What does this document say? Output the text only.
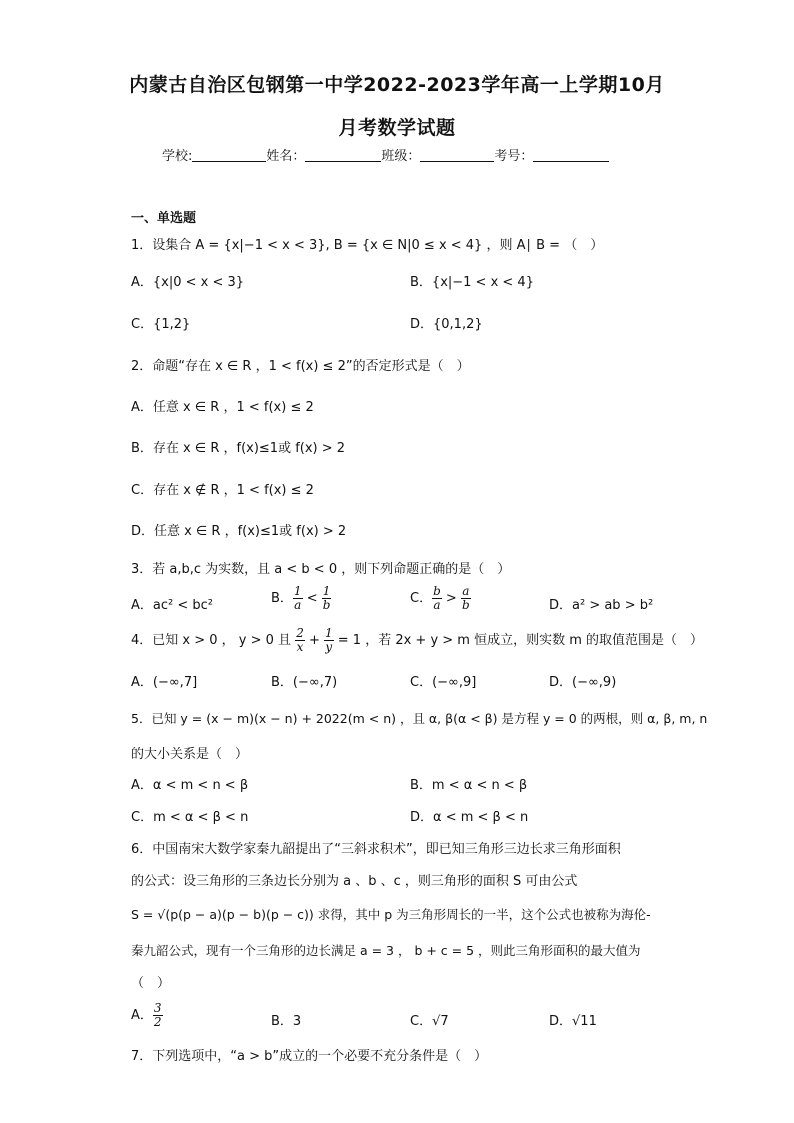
内蒙古自治区包钢第一中学2022-2023学年高一上学期10月
月考数学试题
学校:	姓名：	班级：	考号：
一、单选题
1．设集合 A = {x|−1 < x < 3}, B = {x ∈ N|0 ≤ x < 4} ，则 A∣ B = （　）
A．{x|0 < x < 3}	B．{x|−1 < x < 4}
C．{1,2}	D．{0,1,2}
2．命题“存在 x ∈ R ，1 < f(x) ≤ 2”的否定形式是（　）
A．任意 x ∈ R ，1 < f(x) ≤ 2
B．存在 x ∈ R ，f(x)≤1或 f(x) > 2
C．存在 x ∉ R ，1 < f(x) ≤ 2
D．任意 x ∈ R ，f(x)≤1或 f(x) > 2
3．若 a,b,c 为实数，且 a < b < 0 ，则下列命题正确的是（　）
A．ac² < bc²	B． $\frac{1}{a} < \frac{1}{b}$	C． $\frac{b}{a} > \frac{a}{b}$	D．a² > ab > b²
4．已知 x > 0 ， y > 0 且 $\frac{2}{x} + \frac{1}{y} = 1$ ，若 2x + y > m 恒成立，则实数 m 的取值范围是（　）
A．(−∞,7]	B．(−∞,7)	C．(−∞,9]	D．(−∞,9)
5．已知 y = (x − m)(x − n) + 2022(m < n) ，且 α, β(α < β) 是方程 y = 0 的两根，则 α, β, m, n
的大小关系是（　）
A．α < m < n < β	B．m < α < n < β
C．m < α < β < n	D．α < m < β < n
6．中国南宋大数学家秦九韶提出了“三斜求积术”，即已知三角形三边长求三角形面积
的公式：设三角形的三条边长分别为 a 、b 、c ，则三角形的面积 S 可由公式
S = √(p(p − a)(p − b)(p − c)) 求得，其中 p 为三角形周长的一半，这个公式也被称为海伦-
秦九韶公式，现有一个三角形的边长满足 a = 3 ， b + c = 5 ，则此三角形面积的最大值为
（　）
A． $\frac{3}{2}$	B．3	C．√7	D．√11
7．下列选项中，“a > b”成立的一个必要不充分条件是（　）
